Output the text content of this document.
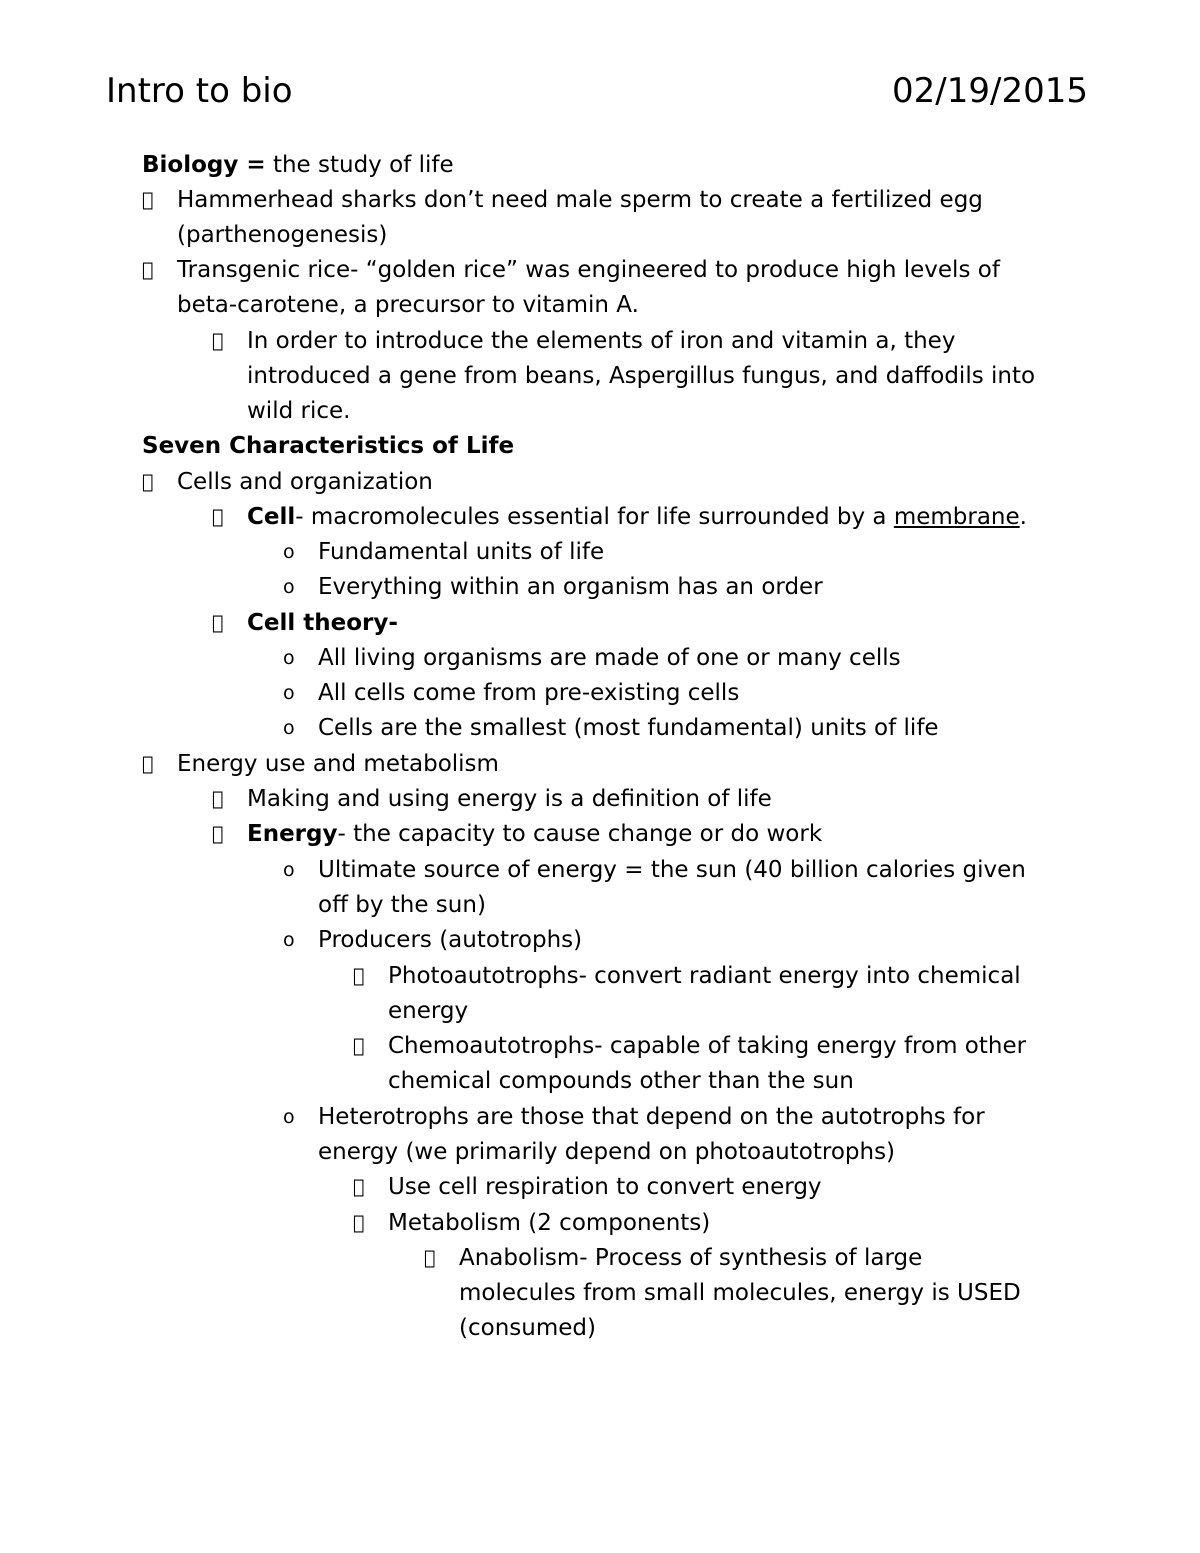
Intro to bio	02/19/2015
Biology = the study of life
Hammerhead sharks don’t need male sperm to create a fertilized egg
(parthenogenesis)
Transgenic rice- “golden rice” was engineered to produce high levels of
beta-carotene, a precursor to vitamin A.
In order to introduce the elements of iron and vitamin a, they
introduced a gene from beans, Aspergillus fungus, and daffodils into
wild rice.
Seven Characteristics of Life
Cells and organization
Cell- macromolecules essential for life surrounded by a membrane.
o Fundamental units of life
o Everything within an organism has an order
Cell theory-
o All living organisms are made of one or many cells
o All cells come from pre-existing cells
o Cells are the smallest (most fundamental) units of life
Energy use and metabolism
Making and using energy is a definition of life
Energy- the capacity to cause change or do work
o Ultimate source of energy = the sun (40 billion calories given
off by the sun)
o Producers (autotrophs)
Photoautotrophs- convert radiant energy into chemical
energy
Chemoautotrophs- capable of taking energy from other
chemical compounds other than the sun
o Heterotrophs are those that depend on the autotrophs for
energy (we primarily depend on photoautotrophs)
Use cell respiration to convert energy
Metabolism (2 components)
Anabolism- Process of synthesis of large
molecules from small molecules, energy is USED
(consumed)
